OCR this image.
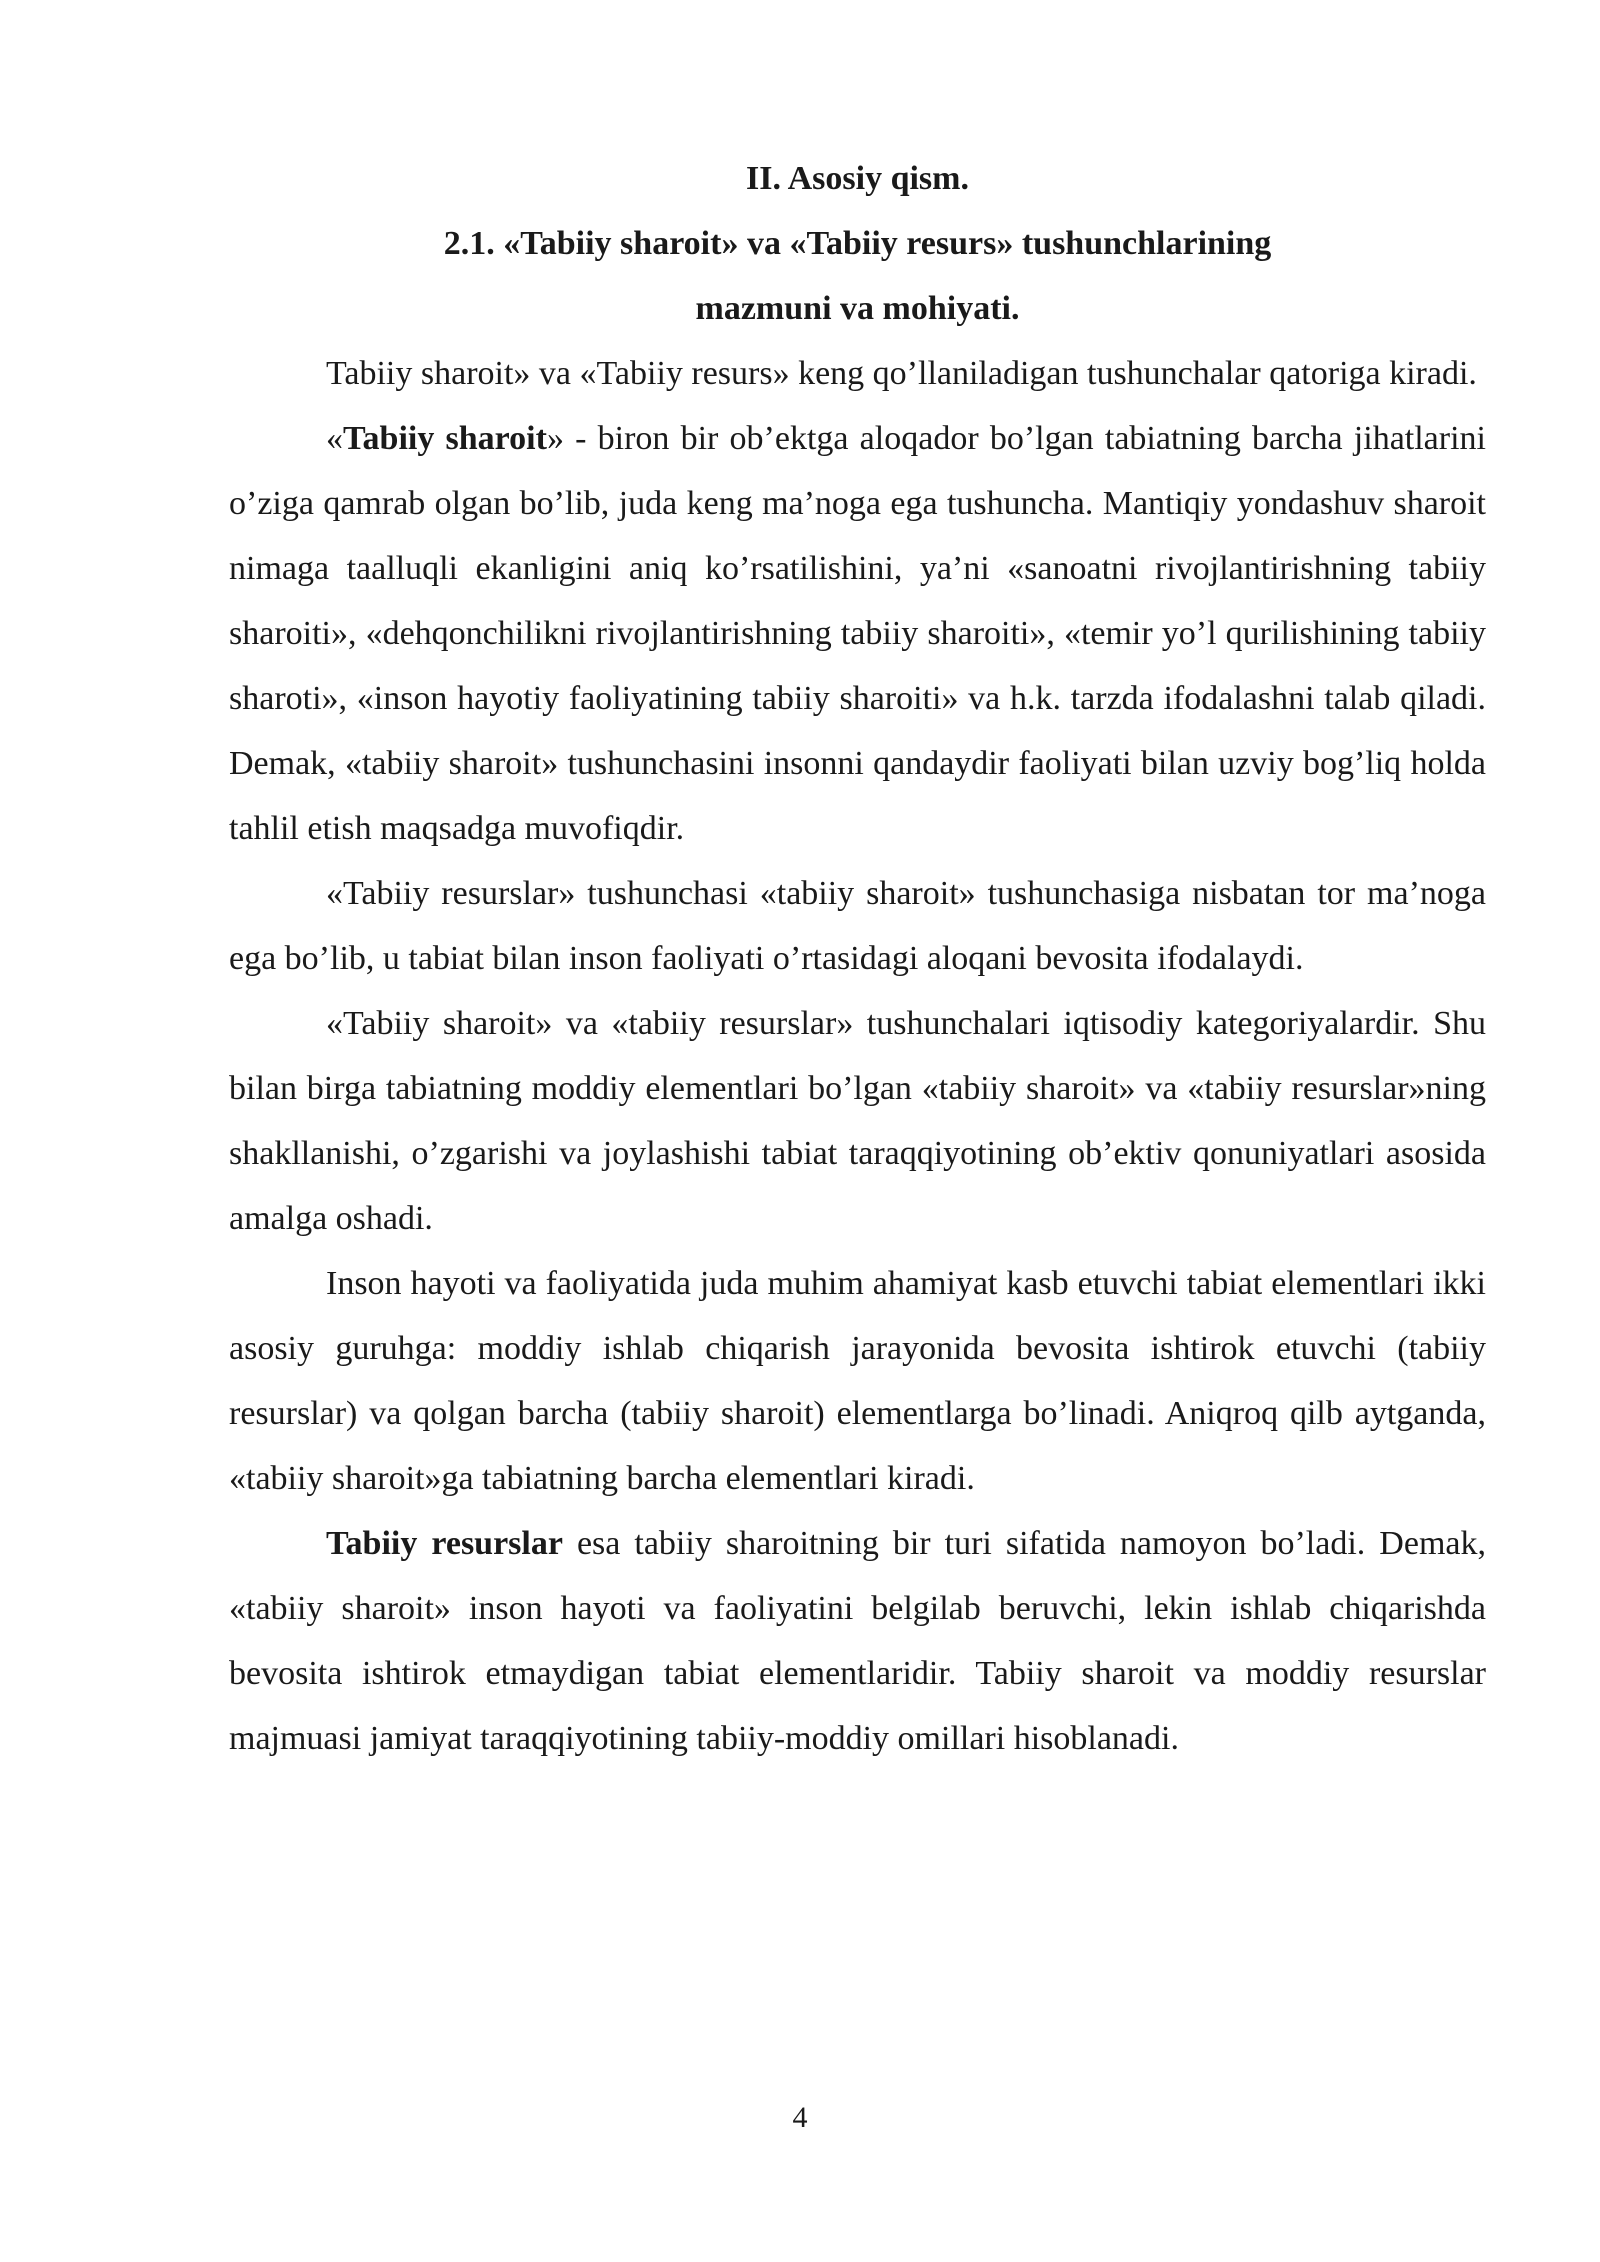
II. Asosiy qism.

2.1. «Tabiiy sharoit» va «Tabiiy resurs» tushunchlarining

mazmuni va mohiyati.

Tabiiy sharoit» va «Tabiiy resurs» keng qo’llaniladigan tushunchalar qatoriga kiradi.

«Tabiiy sharoit» - biron bir ob’ektga aloqador bo’lgan tabiatning barcha jihatlarini o’ziga qamrab olgan bo’lib, juda keng ma’noga ega tushuncha. Mantiqiy yondashuv sharoit nimaga taalluqli ekanligini aniq ko’rsatilishini, ya’ni «sanoatni rivojlantirishning tabiiy sharoiti», «dehqonchilikni rivojlantirishning tabiiy sharoiti», «temir yo’l qurilishining tabiiy sharoti», «inson hayotiy faoliyatining tabiiy sharoiti» va h.k. tarzda ifodalashni talab qiladi. Demak, «tabiiy sharoit» tushunchasini insonni qandaydir faoliyati bilan uzviy bog’liq holda tahlil etish maqsadga muvofiqdir.

«Tabiiy resurslar» tushunchasi «tabiiy sharoit» tushunchasiga nisbatan tor ma’noga ega bo’lib, u tabiat bilan inson faoliyati o’rtasidagi aloqani bevosita ifodalaydi.

«Tabiiy sharoit» va «tabiiy resurslar» tushunchalari iqtisodiy kategoriyalardir. Shu bilan birga tabiatning moddiy elementlari bo’lgan «tabiiy sharoit» va «tabiiy resurslar»ning shakllanishi, o’zgarishi va joylashishi tabiat taraqqiyotining ob’ektiv qonuniyatlari asosida amalga oshadi.

Inson hayoti va faoliyatida juda muhim ahamiyat kasb etuvchi tabiat elementlari ikki asosiy guruhga: moddiy ishlab chiqarish jarayonida bevosita ishtirok etuvchi (tabiiy resurslar) va qolgan barcha (tabiiy sharoit) elementlarga bo’linadi. Aniqroq qilb aytganda, «tabiiy sharoit»ga tabiatning barcha elementlari kiradi.

Tabiiy resurslar esa tabiiy sharoitning bir turi sifatida namoyon bo’ladi. Demak, «tabiiy sharoit» inson hayoti va faoliyatini belgilab beruvchi, lekin ishlab chiqarishda bevosita ishtirok etmaydigan tabiat elementlaridir. Tabiiy sharoit va moddiy resurslar majmuasi jamiyat taraqqiyotining tabiiy-moddiy omillari hisoblanadi.

4
